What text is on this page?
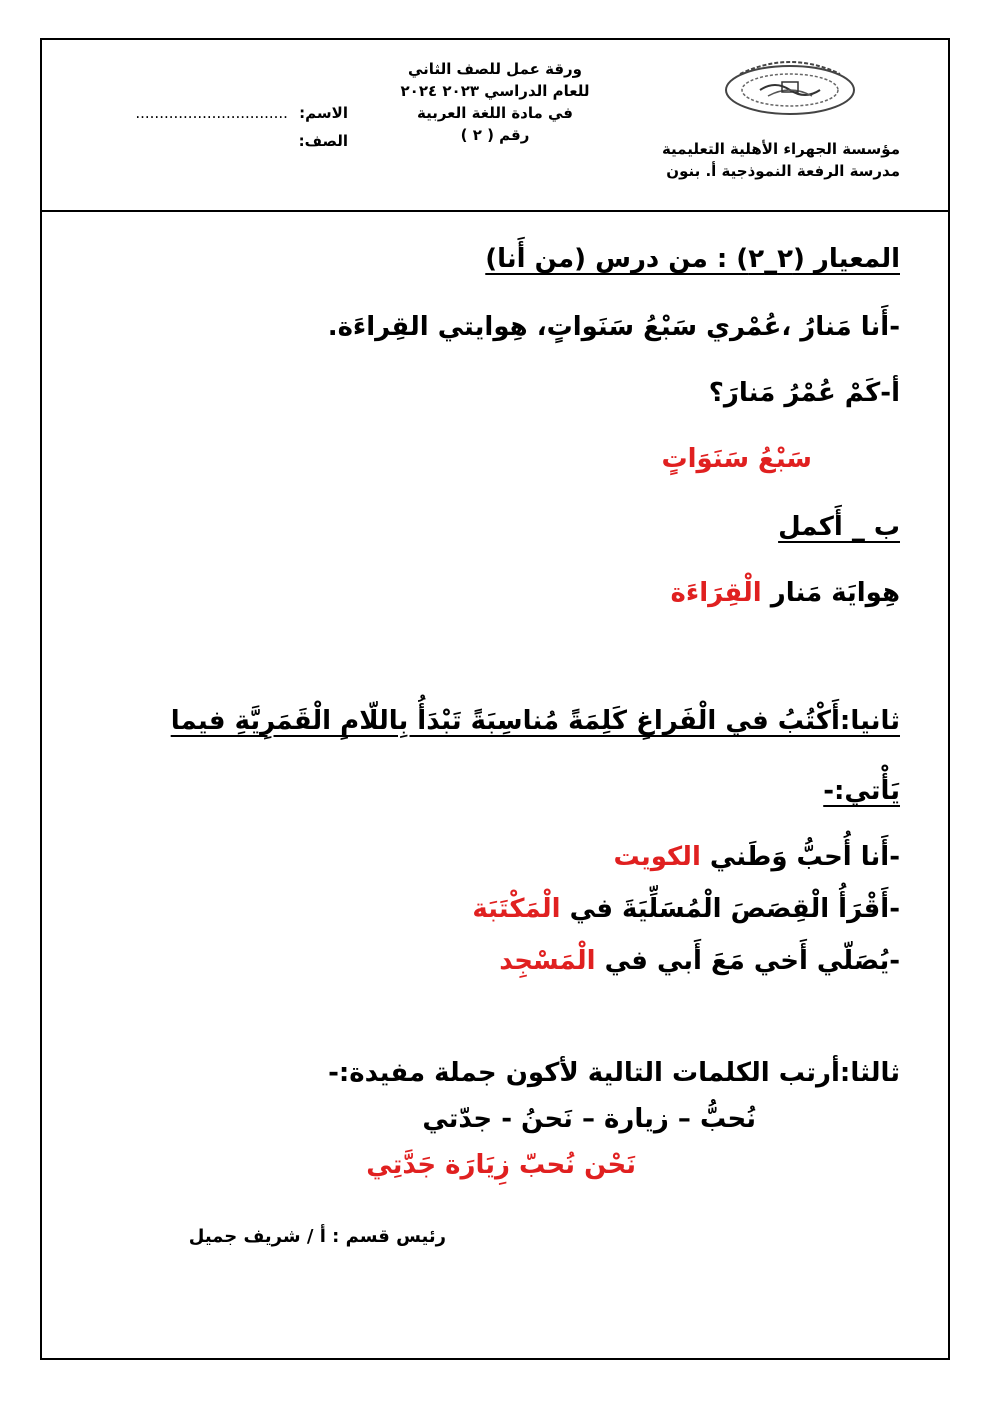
مؤسسة الجهراء الأهلية التعليمية
مدرسة الرفعة النموذجية أ. بنون
ورقة عمل للصف الثاني
للعام الدراسي ٢٠٢٣ ٢٠٢٤
في مادة اللغة العربية
رقم ( ٢ )
الاسم: ................................
الصف:
المعيار (٢_٢) : من درس (من أَنا)
-أَنا مَنارُ ،عُمْري سَبْعُ سَنَواتٍ، هِوايتي القِراءَة.
أ-كَمْ عُمْرُ مَنارَ؟
سَبْعُ سَنَوَاتٍ
ب _ أَكمل
هِوايَة مَنار الْقِرَاءَة
ثانيا:أَكْتُبُ في الْفَراغِ كَلِمَةً مُناسِبَةً تَبْدَأُ بِاللّامِ الْقَمَرِيَّةِ فيما
يَأْتي:-
-أَنا أُحبُّ وَطَني الكويت
-أَقْرَأُ الْقِصَصَ الْمُسَلِّيَةَ في الْمَكْتَبَة
-يُصَلّي أَخي مَعَ أَبي في الْمَسْجِد
ثالثا:أرتب الكلمات التالية لأكون جملة مفيدة:-
نُحبُّ – زيارة – نَحنُ - جدّتي
نَحْن نُحبّ زِيَارَة جَدَّتِي
رئيس قسم : أ / شريف جميل
